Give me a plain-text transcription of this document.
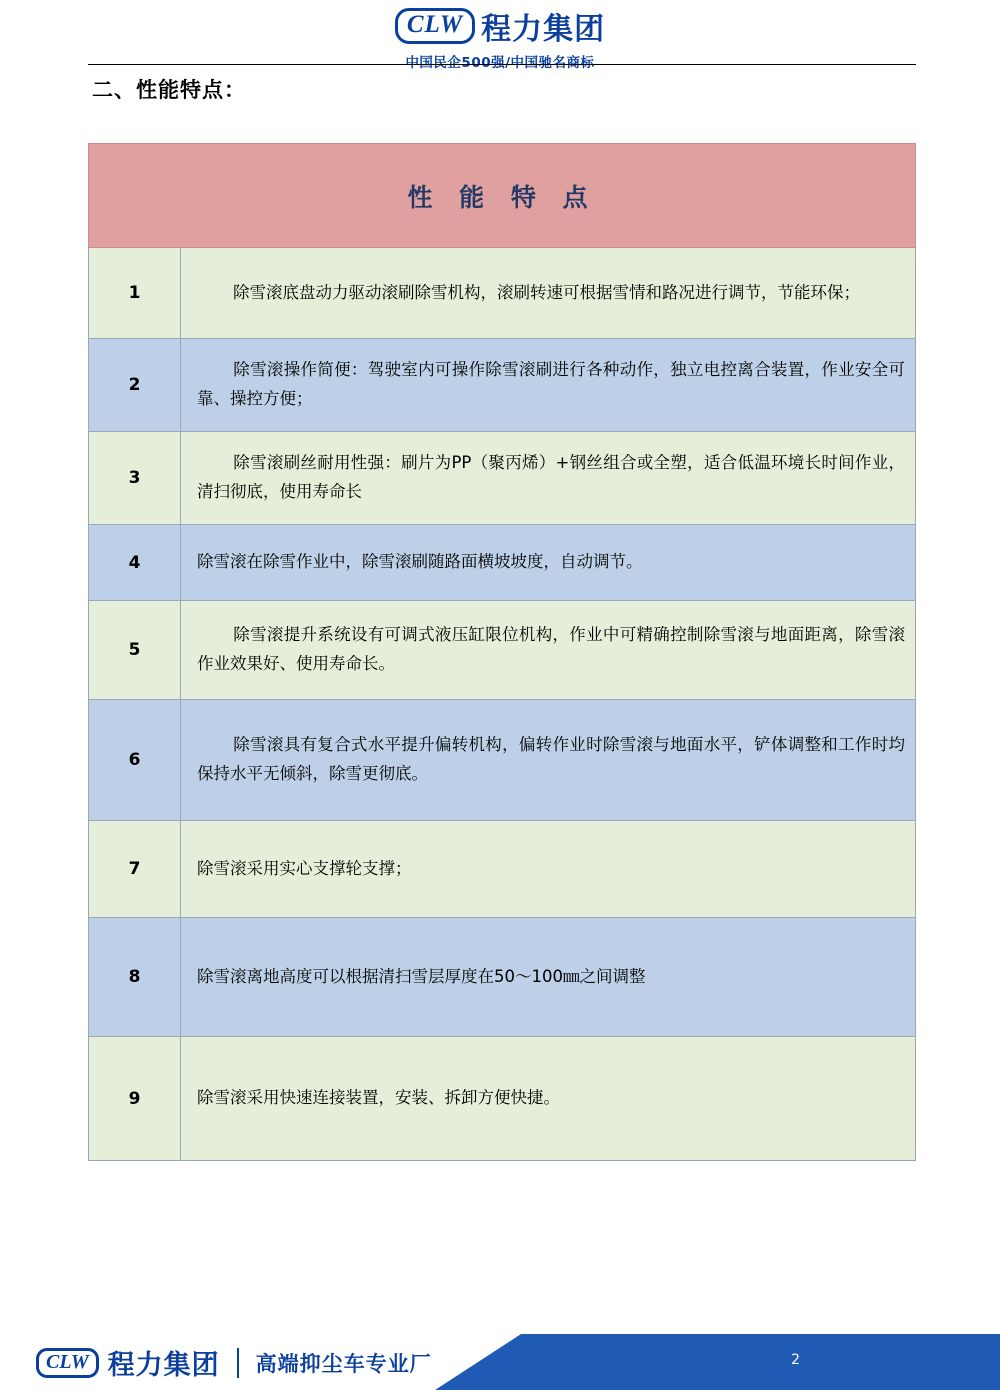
CLW 程力集团
中国民企500强/中国驰名商标
二、性能特点：
性 能 特 点	
1	除雪滚底盘动力驱动滚刷除雪机构，滚刷转速可根据雪情和路况进行调节，节能环保；
2	除雪滚操作简便：驾驶室内可操作除雪滚刷进行各种动作，独立电控离合装置，作业安全可靠、操控方便；
3	除雪滚刷丝耐用性强：刷片为PP（聚丙烯）+钢丝组合或全塑，适合低温环境长时间作业，清扫彻底，使用寿命长
4	除雪滚在除雪作业中，除雪滚刷随路面横坡坡度，自动调节。
5	除雪滚提升系统设有可调式液压缸限位机构，作业中可精确控制除雪滚与地面距离，除雪滚作业效果好、使用寿命长。
6	除雪滚具有复合式水平提升偏转机构，偏转作业时除雪滚与地面水平，铲体调整和工作时均保持水平无倾斜，除雪更彻底。
7	除雪滚采用实心支撑轮支撑；
8	除雪滚离地高度可以根据清扫雪层厚度在50～100㎜之间调整
9	除雪滚采用快速连接装置，安装、拆卸方便快捷。
CLW 程力集团 高端抑尘车专业厂	2
